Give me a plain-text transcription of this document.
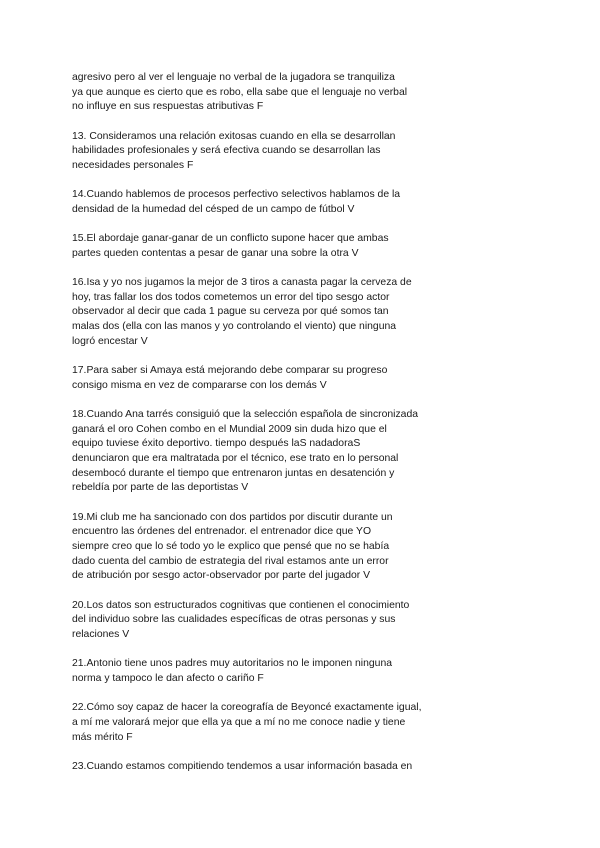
agresivo pero al ver el lenguaje no verbal de la jugadora se tranquiliza
ya que aunque es cierto que es robo, ella sabe que el lenguaje no verbal
no influye en sus respuestas atributivas F
13. Consideramos una relación exitosas cuando en ella se desarrollan
habilidades profesionales y será efectiva cuando se desarrollan las
necesidades personales F
14.Cuando hablemos de procesos perfectivo selectivos hablamos de la
densidad de la humedad del césped de un campo de fútbol V
15.El abordaje ganar-ganar de un conflicto supone hacer que ambas
partes queden contentas a pesar de ganar una sobre la otra V
16.Isa y yo nos jugamos la mejor de 3 tiros a canasta pagar la cerveza de
hoy, tras fallar los dos todos cometemos un error del tipo sesgo actor
observador al decir que cada 1 pague su cerveza por qué somos tan
malas dos (ella con las manos y yo controlando el viento) que ninguna
logró encestar V
17.Para saber si Amaya está mejorando debe comparar su progreso
consigo misma en vez de compararse con los demás V
18.Cuando Ana tarrés consiguió que la selección española de sincronizada
ganará el oro Cohen combo en el Mundial 2009 sin duda hizo que el
equipo tuviese éxito deportivo. tiempo después laS nadadoraS
denunciaron que era maltratada por el técnico, ese trato en lo personal
desembocó durante el tiempo que entrenaron juntas en desatención y
rebeldía por parte de las deportistas V
19.Mi club me ha sancionado con dos partidos por discutir durante un
encuentro las órdenes del entrenador. el entrenador dice que YO
siempre creo que lo sé todo yo le explico que pensé que no se había
dado cuenta del cambio de estrategia del rival estamos ante un error
de atribución por sesgo actor-observador por parte del jugador V
20.Los datos son estructurados cognitivas que contienen el conocimiento
del individuo sobre las cualidades específicas de otras personas y sus
relaciones V
21.Antonio tiene unos padres muy autoritarios no le imponen ninguna
norma y tampoco le dan afecto o cariño F
22.Cómo soy capaz de hacer la coreografía de Beyoncé exactamente igual,
a mí me valorará mejor que ella ya que a mí no me conoce nadie y tiene
más mérito F
23.Cuando estamos compitiendo tendemos a usar información basada en
